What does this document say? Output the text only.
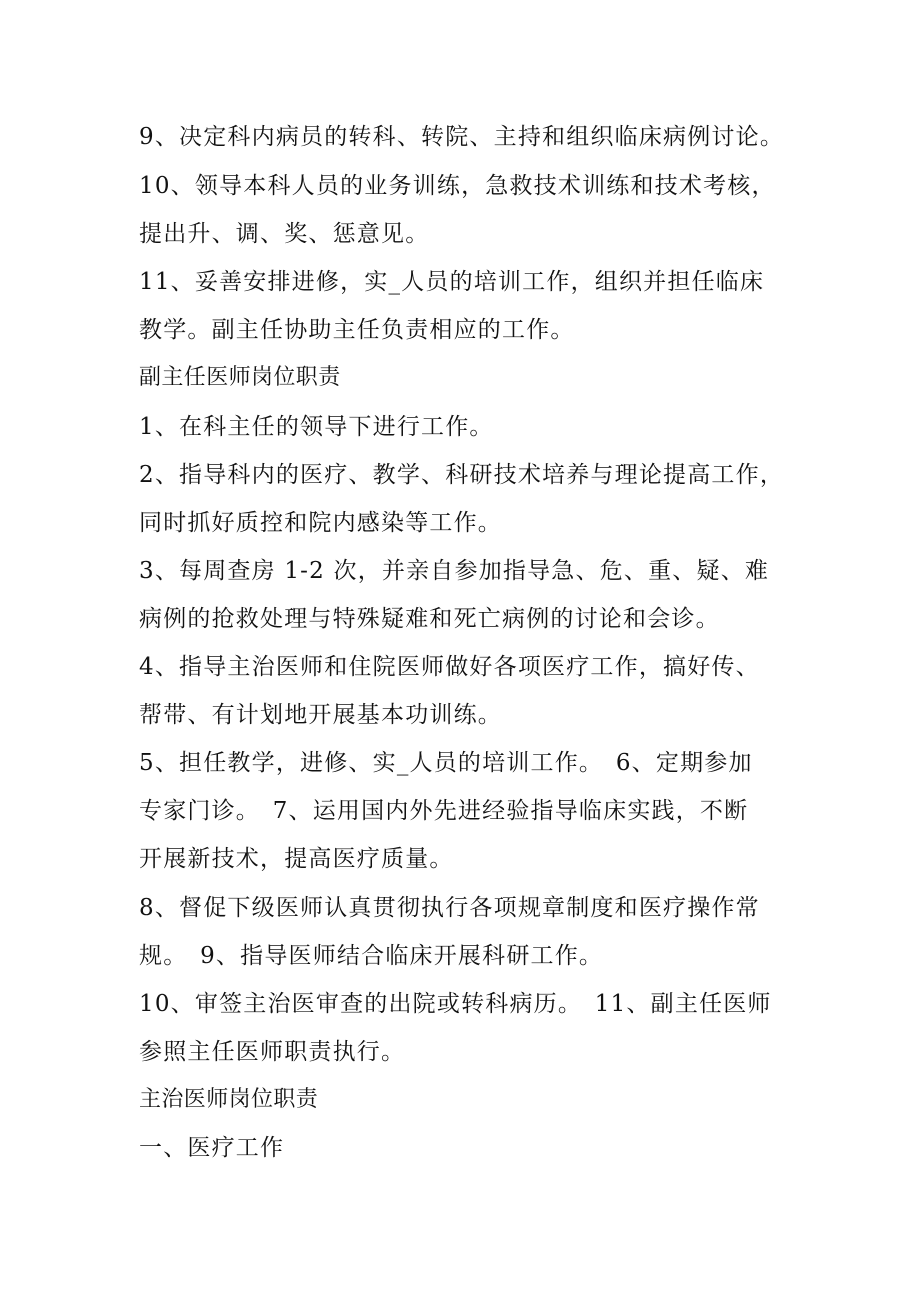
9、决定科内病员的转科、转院、主持和组织临床病例讨论。
10、领导本科人员的业务训练，急救技术训练和技术考核，
提出升、调、奖、惩意见。
11、妥善安排进修，实_人员的培训工作，组织并担任临床
教学。副主任协助主任负责相应的工作。
副主任医师岗位职责
1、在科主任的领导下进行工作。
2、指导科内的医疗、教学、科研技术培养与理论提高工作，
同时抓好质控和院内感染等工作。
3、每周查房 1-2 次，并亲自参加指导急、危、重、疑、难
病例的抢救处理与特殊疑难和死亡病例的讨论和会诊。
4、指导主治医师和住院医师做好各项医疗工作，搞好传、
帮带、有计划地开展基本功训练。
5、担任教学，进修、实_人员的培训工作。　6、定期参加
专家门诊。　7、运用国内外先进经验指导临床实践，不断
开展新技术，提高医疗质量。
8、督促下级医师认真贯彻执行各项规章制度和医疗操作常
规。　9、指导医师结合临床开展科研工作。
10、审签主治医审查的出院或转科病历。　11、副主任医师
参照主任医师职责执行。
主治医师岗位职责
一、医疗工作
